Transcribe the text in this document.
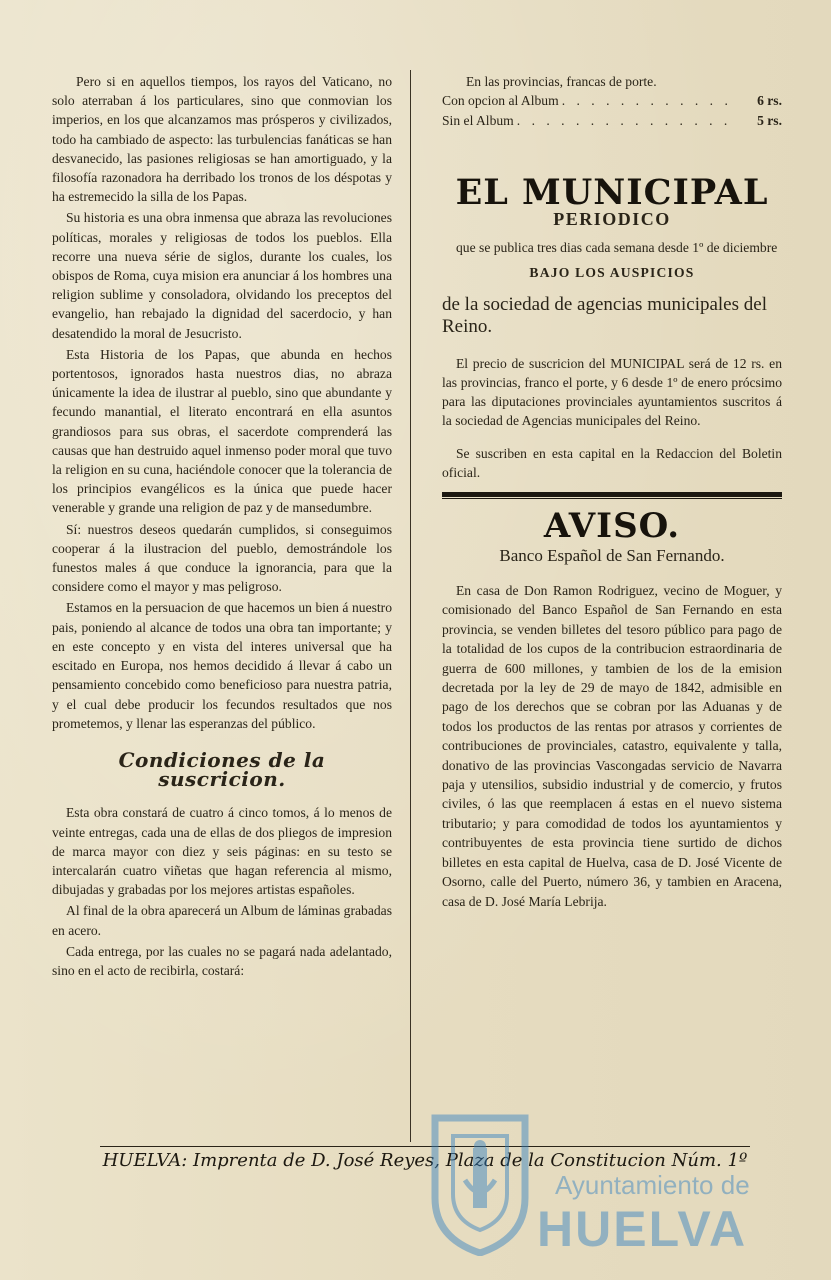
Pero si en aquellos tiempos, los rayos del Vaticano, no solo aterraban á los particulares, sino que conmovian los imperios, en los que alcanzamos mas prósperos y civilizados, todo ha cambiado de aspecto: las turbulencias fanáticas se han desvanecido, las pasiones religiosas se han amortiguado, y la filosofía razonadora ha derribado los tronos de los déspotas y ha estremecido la silla de los Papas.

Su historia es una obra inmensa que abraza las revoluciones políticas, morales y religiosas de todos los pueblos. Ella recorre una nueva série de siglos, durante los cuales, los obispos de Roma, cuya mision era anunciar á los hombres una religion sublime y consoladora, olvidando los preceptos del evangelio, han rebajado la dignidad del sacerdocio, y han desatendido la moral de Jesucristo.

Esta Historia de los Papas, que abunda en hechos portentosos, ignorados hasta nuestros dias, no abraza únicamente la idea de ilustrar al pueblo, sino que abundante y fecundo manantial, el literato encontrará en ella asuntos grandiosos para sus obras, el sacerdote comprenderá las causas que han destruido aquel inmenso poder moral que tuvo la religion en su cuna, haciéndole conocer que la tolerancia de los principios evangélicos es la única que puede hacer venerable y grande una religion de paz y de mansedumbre.

Sí: nuestros deseos quedarán cumplidos, si conseguimos cooperar á la ilustracion del pueblo, demostrándole los funestos males á que conduce la ignorancia, para que la considere como el mayor y mas peligroso.

Estamos en la persuacion de que hacemos un bien á nuestro pais, poniendo al alcance de todos una obra tan importante; y en este concepto y en vista del interes universal que ha escitado en Europa, nos hemos decidido á llevar á cabo un pensamiento concebido como beneficioso para nuestra patria, y el cual debe producir los fecundos resultados que nos prometemos, y llenar las esperanzas del público.

Condiciones de la suscricion.

Esta obra constará de cuatro á cinco tomos, á lo menos de veinte entregas, cada una de ellas de dos pliegos de impresion de marca mayor con diez y seis páginas: en su testo se intercalarán cuatro viñetas que hagan referencia al mismo, dibujadas y grabadas por los mejores artistas españoles.

Al final de la obra aparecerá un Album de láminas grabadas en acero.

Cada entrega, por las cuales no se pagará nada adelantado, sino en el acto de recibirla, costará:

En las provincias, francas de porte.
Con opcion al Album . . . . . . . . . . . .	6 rs.
Sin el Album . . . . . . . . . . . . . . .	5 rs.
EL MUNICIPAL
PERIODICO
que se publica tres dias cada semana desde 1º de diciembre
BAJO LOS AUSPICIOS
de la sociedad de agencias municipales del Reino.
El precio de suscricion del MUNICIPAL será de 12 rs. en las provincias, franco el porte, y 6 desde 1º de enero prócsimo para las diputaciones provinciales ayuntamientos suscritos á la sociedad de Agencias municipales del Reino.
Se suscriben en esta capital en la Redaccion del Boletin oficial.
AVISO.
Banco Español de San Fernando.
En casa de Don Ramon Rodriguez, vecino de Moguer, y comisionado del Banco Español de San Fernando en esta provincia, se venden billetes del tesoro público para pago de la totalidad de los cupos de la contribucion estraordinaria de guerra de 600 millones, y tambien de los de la emision decretada por la ley de 29 de mayo de 1842, admisible en pago de los derechos que se cobran por las Aduanas y de todos los productos de las rentas por atrasos y corrientes de contribuciones de provinciales, catastro, equivalente y talla, donativo de las provincias Vascongadas servicio de Navarra paja y utensilios, subsidio industrial y de comercio, y frutos civiles, ó las que reemplacen á estas en el nuevo sistema tributario; y para comodidad de todos los ayuntamientos y contribuyentes de esta provincia tiene surtido de dichos billetes en esta capital de Huelva, casa de D. José Vicente de Osorno, calle del Puerto, número 36, y tambien en Aracena, casa de D. José María Lebrija.
HUELVA: Imprenta de D. José Reyes, Plaza de la Constitucion Núm. 1º
Ayuntamiento de
HUELVA
